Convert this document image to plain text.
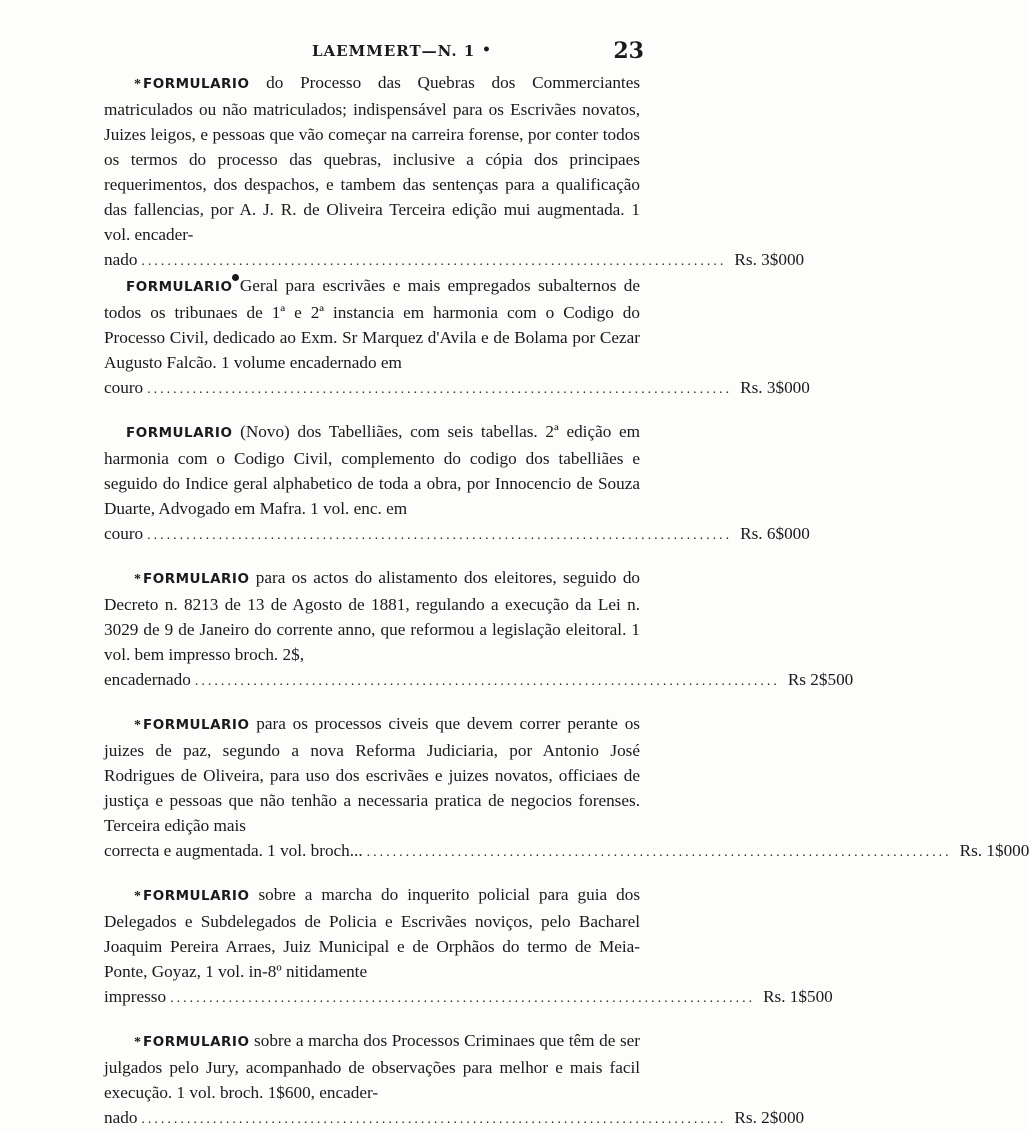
LAEMMERT—N. 1 •	23
* FORMULARIO do Processo das Quebras dos Commerciantes matriculados ou não matriculados; indispensável para os Escrivães novatos, Juizes leigos, e pessoas que vão começar na carreira forense, por conter todos os termos do processo das quebras, inclusive a cópia dos principaes requerimentos, dos despachos, e tambem das sentenças para a qualificação das fallencias, por A. J. R. de Oliveira Terceira edição mui augmentada. 1 vol. encader-
nado .......................................................................................... Rs. 3$000
FORMULARIO Geral para escrivães e mais empregados subalternos de todos os tribunaes de 1ª e 2ª instancia em harmonia com o Codigo do Processo Civil, dedicado ao Exm. Sr Marquez d'Avila e de Bolama por Cezar Augusto Falcão. 1 volume encadernado em
couro .......................................................................................... Rs. 3$000
FORMULARIO (Novo) dos Tabelliães, com seis tabellas. 2ª edição em harmonia com o Codigo Civil, complemento do codigo dos tabelliães e seguido do Indice geral alphabetico de toda a obra, por Innocencio de Souza Duarte, Advogado em Mafra. 1 vol. enc. em
couro .......................................................................................... Rs. 6$000
* FORMULARIO para os actos do alistamento dos eleitores, seguido do Decreto n. 8213 de 13 de Agosto de 1881, regulando a execução da Lei n. 3029 de 9 de Janeiro do corrente anno, que reformou a legislação eleitoral. 1 vol. bem impresso broch. 2$,
encadernado .......................................................................................... Rs 2$500
* FORMULARIO para os processos civeis que devem correr perante os juizes de paz, segundo a nova Reforma Judiciaria, por Antonio José Rodrigues de Oliveira, para uso dos escrivães e juizes novatos, officiaes de justiça e pessoas que não tenhão a necessaria pratica de negocios forenses. Terceira edição mais
correcta e augmentada. 1 vol. broch... .......................................................................................... Rs. 1$000
* FORMULARIO sobre a marcha do inquerito policial para guia dos Delegados e Subdelegados de Policia e Escrivães noviços, pelo Bacharel Joaquim Pereira Arraes, Juiz Municipal e de Orphãos do termo de Meia-Ponte, Goyaz, 1 vol. in-8º nitidamente
impresso .......................................................................................... Rs. 1$500
* FORMULARIO sobre a marcha dos Processos Criminaes que têm de ser julgados pelo Jury, acompanhado de observações para melhor e mais facil execução. 1 vol. broch. 1$600, encader-
nado .......................................................................................... Rs. 2$000
